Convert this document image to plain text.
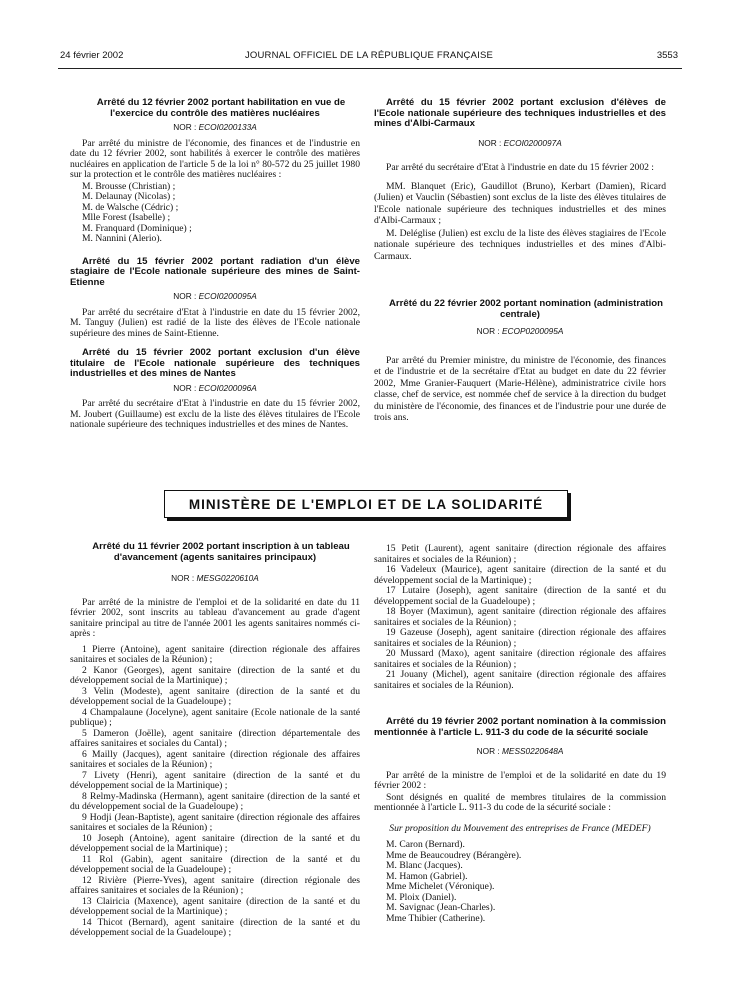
24 février 2002	JOURNAL OFFICIEL DE LA RÉPUBLIQUE FRANÇAISE	3553

Arrêté du 12 février 2002 portant habilitation en vue de l'exercice du contrôle des matières nucléaires

NOR : ECOI0200133A

Par arrêté du ministre de l'économie, des finances et de l'industrie en date du 12 février 2002, sont habilités à exercer le contrôle des matières nucléaires en application de l'article 5 de la loi n° 80-572 du 25 juillet 1980 sur la protection et le contrôle des matières nucléaires :

M. Brousse (Christian) ;
M. Delaunay (Nicolas) ;
M. de Walsche (Cédric) ;
Mlle Forest (Isabelle) ;
M. Franquard (Dominique) ;
M. Nannini (Alerio).

Arrêté du 15 février 2002 portant radiation d'un élève stagiaire de l'Ecole nationale supérieure des mines de Saint-Etienne

NOR : ECOI0200095A

Par arrêté du secrétaire d'Etat à l'industrie en date du 15 février 2002, M. Tanguy (Julien) est radié de la liste des élèves de l'Ecole nationale supérieure des mines de Saint-Etienne.

Arrêté du 15 février 2002 portant exclusion d'un élève titulaire de l'Ecole nationale supérieure des techniques industrielles et des mines de Nantes

NOR : ECOI0200096A

Par arrêté du secrétaire d'Etat à l'industrie en date du 15 février 2002, M. Joubert (Guillaume) est exclu de la liste des élèves titulaires de l'Ecole nationale supérieure des techniques industrielles et des mines de Nantes.

Arrêté du 15 février 2002 portant exclusion d'élèves de l'Ecole nationale supérieure des techniques industrielles et des mines d'Albi-Carmaux

NOR : ECOI0200097A

Par arrêté du secrétaire d'Etat à l'industrie en date du 15 février 2002 :

MM. Blanquet (Eric), Gaudillot (Bruno), Kerbart (Damien), Ricard (Julien) et Vauclin (Sébastien) sont exclus de la liste des élèves titulaires de l'Ecole nationale supérieure des techniques industrielles et des mines d'Albi-Carmaux ;

M. Deléglise (Julien) est exclu de la liste des élèves stagiaires de l'Ecole nationale supérieure des techniques industrielles et des mines d'Albi-Carmaux.

Arrêté du 22 février 2002 portant nomination (administration centrale)

NOR : ECOP0200095A

Par arrêté du Premier ministre, du ministre de l'économie, des finances et de l'industrie et de la secrétaire d'Etat au budget en date du 22 février 2002, Mme Granier-Fauquert (Marie-Hélène), administratrice civile hors classe, chef de service, est nommée chef de service à la direction du budget du ministère de l'économie, des finances et de l'industrie pour une durée de trois ans.

MINISTÈRE DE L'EMPLOI ET DE LA SOLIDARITÉ

Arrêté du 11 février 2002 portant inscription à un tableau d'avancement (agents sanitaires principaux)

NOR : MESG0220610A

Par arrêté de la ministre de l'emploi et de la solidarité en date du 11 février 2002, sont inscrits au tableau d'avancement au grade d'agent sanitaire principal au titre de l'année 2001 les agents sanitaires nommés ci-après :

1 Pierre (Antoine), agent sanitaire (direction régionale des affaires sanitaires et sociales de la Réunion) ;

2 Kanor (Georges), agent sanitaire (direction de la santé et du développement social de la Martinique) ;

3 Velin (Modeste), agent sanitaire (direction de la santé et du développement social de la Guadeloupe) ;

4 Champalaune (Jocelyne), agent sanitaire (Ecole nationale de la santé publique) ;

5 Dameron (Joëlle), agent sanitaire (direction départementale des affaires sanitaires et sociales du Cantal) ;

6 Mailly (Jacques), agent sanitaire (direction régionale des affaires sanitaires et sociales de la Réunion) ;

7 Livety (Henri), agent sanitaire (direction de la santé et du développement social de la Martinique) ;

8 Relmy-Madinska (Hermann), agent sanitaire (direction de la santé et du développement social de la Guadeloupe) ;

9 Hodji (Jean-Baptiste), agent sanitaire (direction régionale des affaires sanitaires et sociales de la Réunion) ;

10 Joseph (Antoine), agent sanitaire (direction de la santé et du développement social de la Martinique) ;

11 Rol (Gabin), agent sanitaire (direction de la santé et du développement social de la Guadeloupe) ;

12 Rivière (Pierre-Yves), agent sanitaire (direction régionale des affaires sanitaires et sociales de la Réunion) ;

13 Clairicia (Maxence), agent sanitaire (direction de la santé et du développement social de la Martinique) ;

14 Thicot (Bernard), agent sanitaire (direction de la santé et du développement social de la Guadeloupe) ;

15 Petit (Laurent), agent sanitaire (direction régionale des affaires sanitaires et sociales de la Réunion) ;

16 Vadeleux (Maurice), agent sanitaire (direction de la santé et du développement social de la Martinique) ;

17 Lutaire (Joseph), agent sanitaire (direction de la santé et du développement social de la Guadeloupe) ;

18 Boyer (Maximun), agent sanitaire (direction régionale des affaires sanitaires et sociales de la Réunion) ;

19 Gazeuse (Joseph), agent sanitaire (direction régionale des affaires sanitaires et sociales de la Réunion) ;

20 Mussard (Maxo), agent sanitaire (direction régionale des affaires sanitaires et sociales de la Réunion) ;

21 Jouany (Michel), agent sanitaire (direction régionale des affaires sanitaires et sociales de la Réunion).

Arrêté du 19 février 2002 portant nomination à la commission mentionnée à l'article L. 911-3 du code de la sécurité sociale

NOR : MESS0220648A

Par arrêté de la ministre de l'emploi et de la solidarité en date du 19 février 2002 :

Sont désignés en qualité de membres titulaires de la commission mentionnée à l'article L. 911-3 du code de la sécurité sociale :

Sur proposition du Mouvement des entreprises de France (MEDEF)
M. Caron (Bernard).
Mme de Beaucoudrey (Bérangère).
M. Blanc (Jacques).
M. Hamon (Gabriel).
Mme Michelet (Véronique).
M. Ploix (Daniel).
M. Savignac (Jean-Charles).
Mme Thibier (Catherine).
